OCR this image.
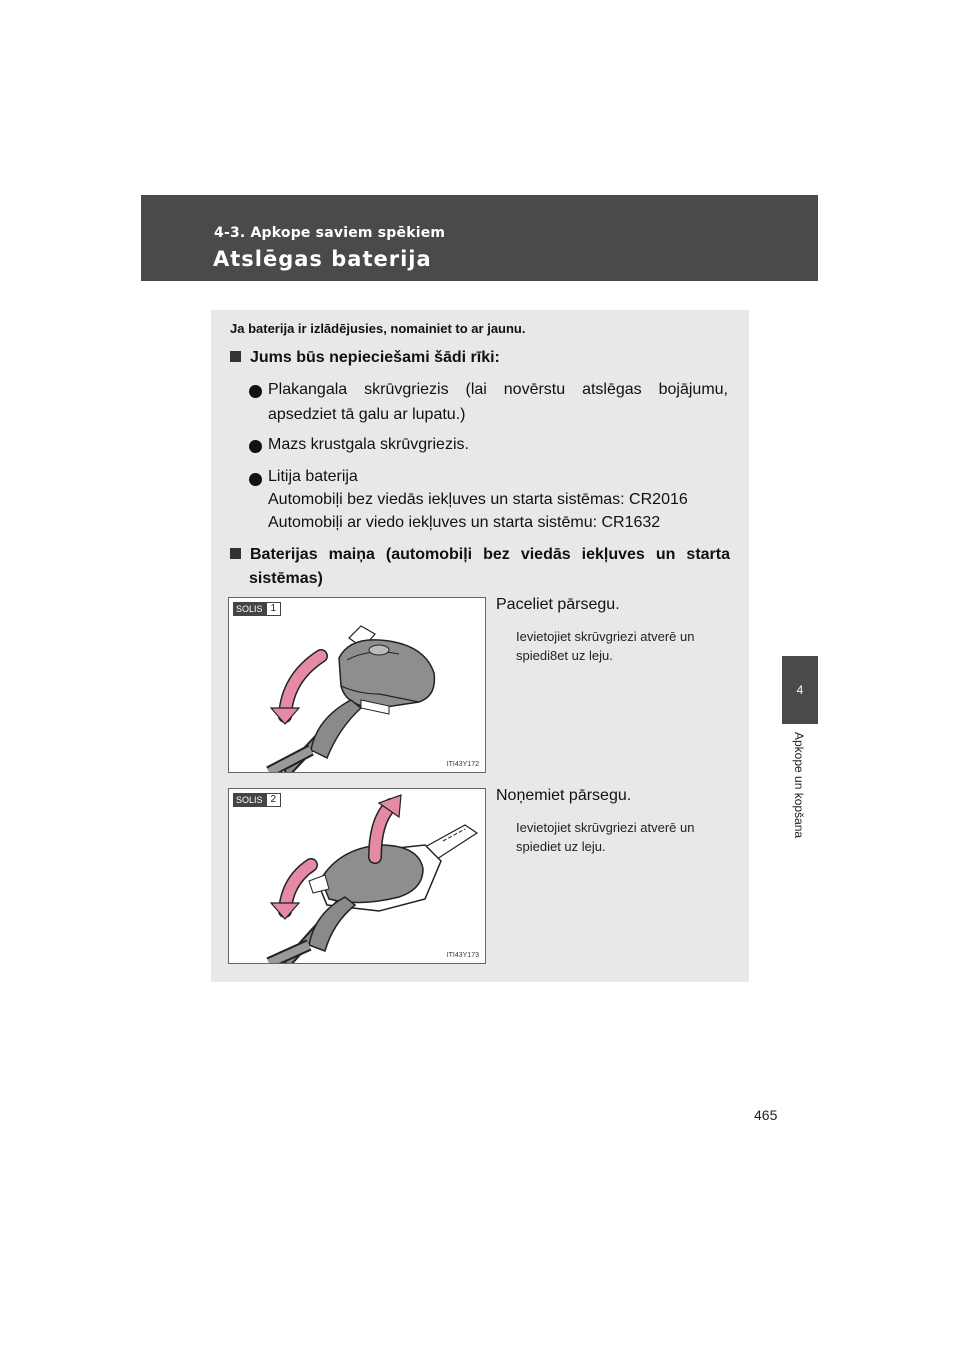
4-3. Apkope saviem spēkiem
Atslēgas baterija
4
Apkope un kopšana
Ja baterija ir izlādējusies, nomainiet to ar jaunu.
Jums būs nepieciešami šādi rīki:
Plakangala skrūvgriezis (lai novērstu atslēgas bojājumu,
apsedziet tā galu ar lupatu.)
Mazs krustgala skrūvgriezis.
Litija baterija
Automobiļi bez viedās iekļuves un starta sistēmas: CR2016
Automobiļi ar viedo iekļuves un starta sistēmu: CR1632
Baterijas maiņa (automobiļi bez viedās iekļuves un starta
sistēmas)
SOLIS 1
ITI43Y172
Paceliet pārsegu.
Ievietojiet skrūvgriezi atverē un
spiedi8et uz leju.
SOLIS 2
ITI43Y173
Noņemiet pārsegu.
Ievietojiet skrūvgriezi atverē un
spiediet uz leju.
465
